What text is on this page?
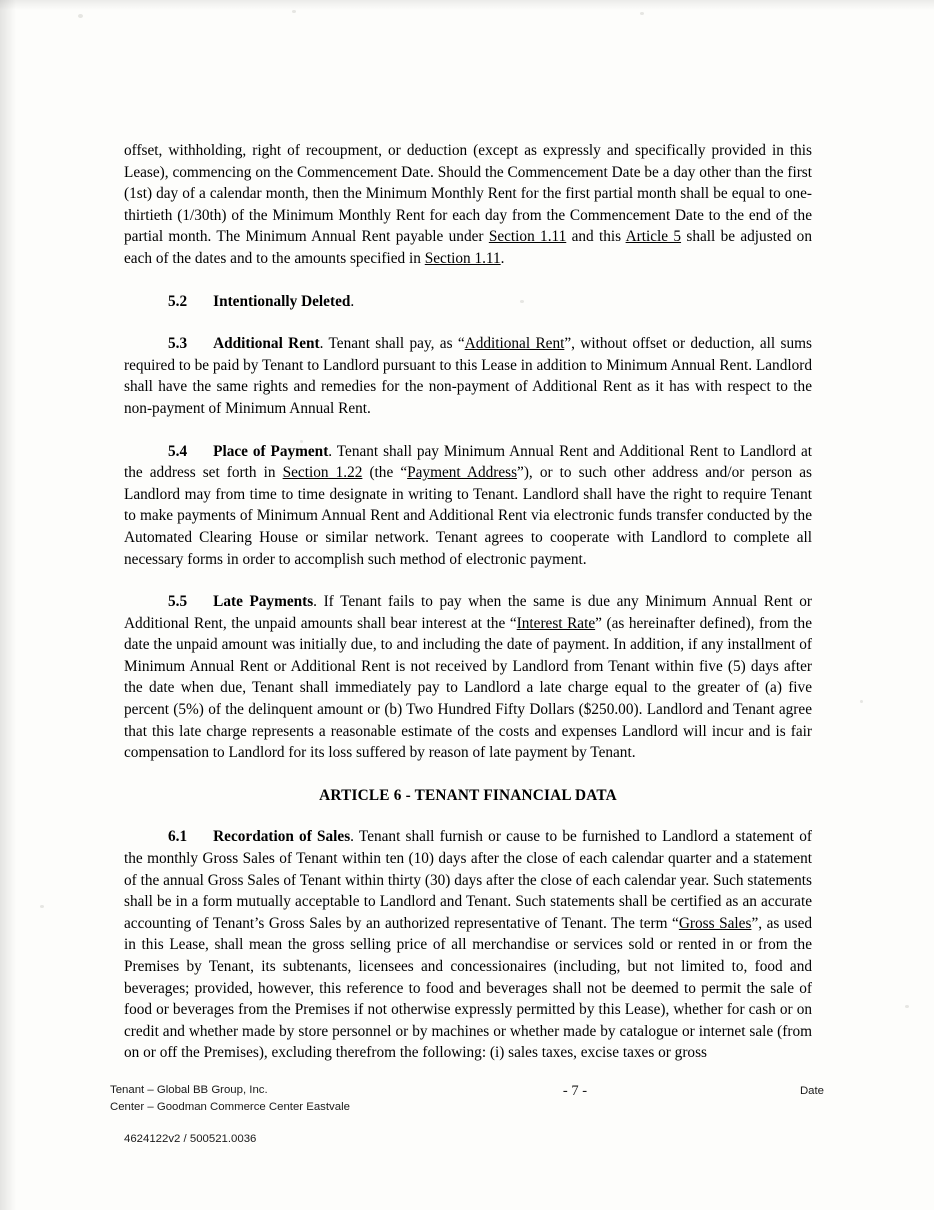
offset, withholding, right of recoupment, or deduction (except as expressly and specifically provided in this Lease), commencing on the Commencement Date. Should the Commencement Date be a day other than the first (1st) day of a calendar month, then the Minimum Monthly Rent for the first partial month shall be equal to one-thirtieth (1/30th) of the Minimum Monthly Rent for each day from the Commencement Date to the end of the partial month. The Minimum Annual Rent payable under Section 1.11 and this Article 5 shall be adjusted on each of the dates and to the amounts specified in Section 1.11.

5.2 Intentionally Deleted.

5.3 Additional Rent. Tenant shall pay, as “Additional Rent”, without offset or deduction, all sums required to be paid by Tenant to Landlord pursuant to this Lease in addition to Minimum Annual Rent. Landlord shall have the same rights and remedies for the non-payment of Additional Rent as it has with respect to the non-payment of Minimum Annual Rent.

5.4 Place of Payment. Tenant shall pay Minimum Annual Rent and Additional Rent to Landlord at the address set forth in Section 1.22 (the “Payment Address”), or to such other address and/or person as Landlord may from time to time designate in writing to Tenant. Landlord shall have the right to require Tenant to make payments of Minimum Annual Rent and Additional Rent via electronic funds transfer conducted by the Automated Clearing House or similar network. Tenant agrees to cooperate with Landlord to complete all necessary forms in order to accomplish such method of electronic payment.

5.5 Late Payments. If Tenant fails to pay when the same is due any Minimum Annual Rent or Additional Rent, the unpaid amounts shall bear interest at the “Interest Rate” (as hereinafter defined), from the date the unpaid amount was initially due, to and including the date of payment. In addition, if any installment of Minimum Annual Rent or Additional Rent is not received by Landlord from Tenant within five (5) days after the date when due, Tenant shall immediately pay to Landlord a late charge equal to the greater of (a) five percent (5%) of the delinquent amount or (b) Two Hundred Fifty Dollars ($250.00). Landlord and Tenant agree that this late charge represents a reasonable estimate of the costs and expenses Landlord will incur and is fair compensation to Landlord for its loss suffered by reason of late payment by Tenant.

ARTICLE 6 - TENANT FINANCIAL DATA

6.1 Recordation of Sales. Tenant shall furnish or cause to be furnished to Landlord a statement of the monthly Gross Sales of Tenant within ten (10) days after the close of each calendar quarter and a statement of the annual Gross Sales of Tenant within thirty (30) days after the close of each calendar year. Such statements shall be in a form mutually acceptable to Landlord and Tenant. Such statements shall be certified as an accurate accounting of Tenant’s Gross Sales by an authorized representative of Tenant. The term “Gross Sales”, as used in this Lease, shall mean the gross selling price of all merchandise or services sold or rented in or from the Premises by Tenant, its subtenants, licensees and concessionaires (including, but not limited to, food and beverages; provided, however, this reference to food and beverages shall not be deemed to permit the sale of food or beverages from the Premises if not otherwise expressly permitted by this Lease), whether for cash or on credit and whether made by store personnel or by machines or whether made by catalogue or internet sale (from on or off the Premises), excluding therefrom the following: (i) sales taxes, excise taxes or gross

Tenant – Global BB Group, Inc.
Center – Goodman Commerce Center Eastvale
- 7 -	Date
4624122v2 / 500521.0036
